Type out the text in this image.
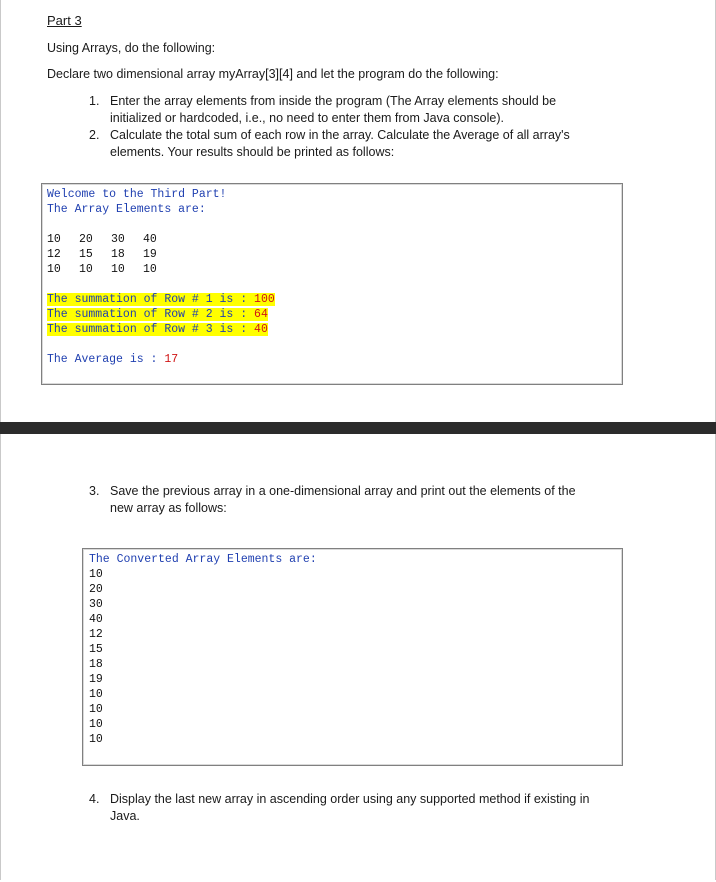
Part 3
Using Arrays, do the following:
Declare two dimensional array myArray[3][4] and let the program do the following:
1. Enter the array elements from inside the program (The Array elements should be initialized or hardcoded, i.e., no need to enter them from Java console).
2. Calculate the total sum of each row in the array. Calculate the Average of all array's elements. Your results should be printed as follows:
Welcome to the Third Part!
The Array Elements are:
10 20 30 40
12 15 18 19
10 10 10 10
The summation of Row # 1 is : 100
The summation of Row # 2 is : 64
The summation of Row # 3 is : 40
The Average is : 17
3. Save the previous array in a one-dimensional array and print out the elements of the new array as follows:
The Converted Array Elements are:
10
20
30
40
12
15
18
19
10
10
10
10
4. Display the last new array in ascending order using any supported method if existing in Java.
